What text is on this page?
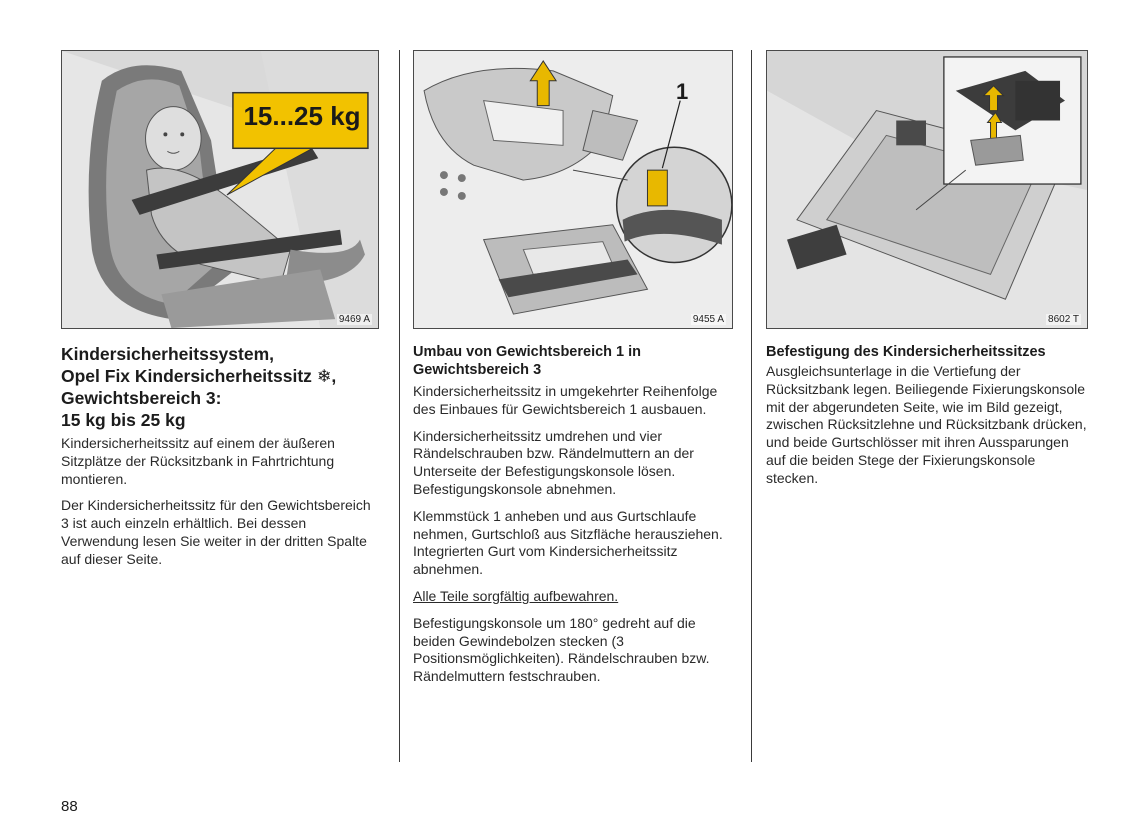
15...25 kg
9469 A
1
9455 A	8602 T
Kindersicherheitssystem,
Opel Fix Kindersicherheitssitz ❄,
Gewichtsbereich 3:
15 kg bis 25 kg

Kindersicherheitssitz auf einem der äußeren Sitzplätze der Rücksitzbank in Fahrtrichtung montieren.

Der Kindersicherheitssitz für den Gewichtsbereich 3 ist auch einzeln erhältlich. Bei dessen Verwendung lesen Sie weiter in der dritten Spalte auf dieser Seite.

Umbau von Gewichtsbereich 1 in
Gewichtsbereich 3

Kindersicherheitssitz in umgekehrter Reihenfolge des Einbaues für Gewichtsbereich 1 ausbauen.

Kindersicherheitssitz umdrehen und vier Rändelschrauben bzw. Rändelmuttern an der Unterseite der Befestigungskonsole lösen. Befestigungskonsole abnehmen.

Klemmstück 1 anheben und aus Gurtschlaufe nehmen, Gurtschloß aus Sitzfläche herausziehen. Integrierten Gurt vom Kindersicherheitssitz abnehmen.

Alle Teile sorgfältig aufbewahren.

Befestigungskonsole um 180° gedreht auf die beiden Gewindebolzen stecken (3 Positionsmöglichkeiten). Rändelschrauben bzw. Rändelmuttern festschrauben.

Befestigung des Kindersicherheitssitzes

Ausgleichsunterlage in die Vertiefung der Rücksitzbank legen. Beiliegende Fixierungskonsole mit der abgerundeten Seite, wie im Bild gezeigt, zwischen Rücksitzlehne und Rücksitzbank drücken, und beide Gurtschlösser mit ihren Aussparungen auf die beiden Stege der Fixierungskonsole stecken.

88
